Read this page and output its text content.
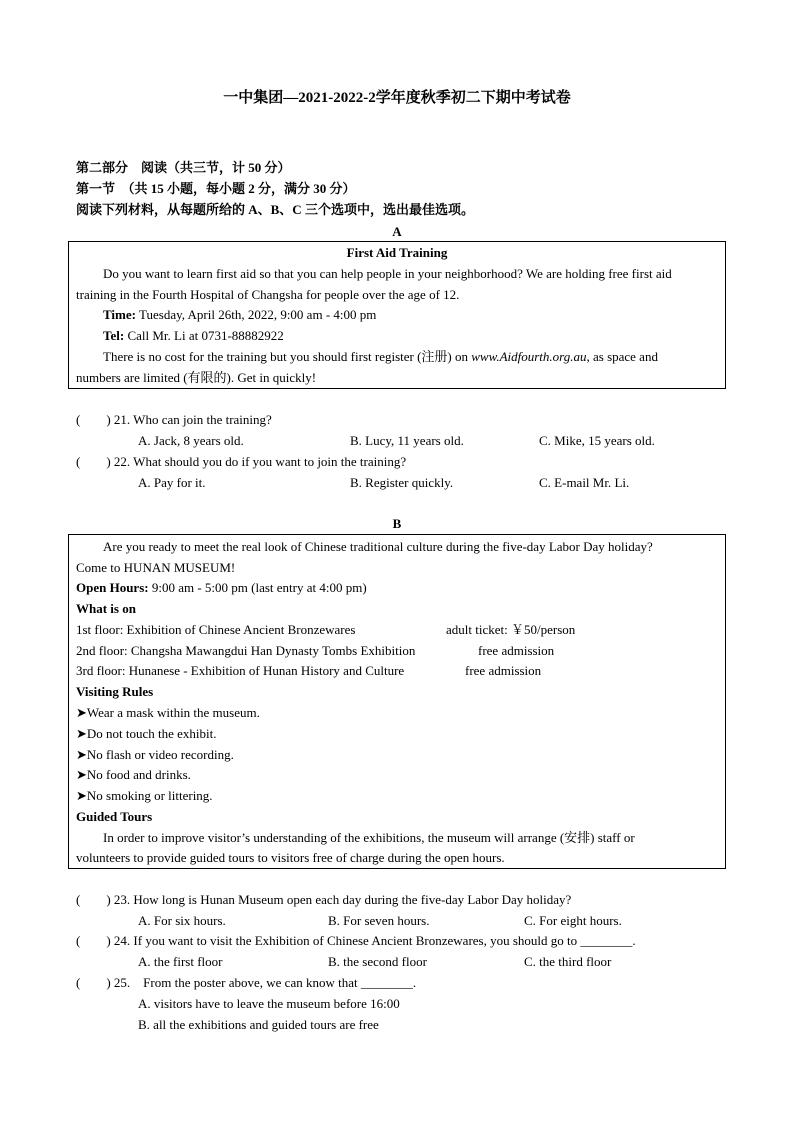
一中集团—2021-2022-2学年度秋季初二下期中考试卷
第二部分　阅读（共三节，计 50 分）
第一节　（共 15 小题，每小题 2 分，满分 30 分）
阅读下列材料，从每题所给的 A、B、C 三个选项中，选出最佳选项。
A
First Aid Training
Do you want to learn first aid so that you can help people in your neighborhood? We are holding free first aid
training in the Fourth Hospital of Changsha for people over the age of 12.
Time: Tuesday, April 26th, 2022, 9:00 am - 4:00 pm
Tel: Call Mr. Li at 0731-88882922
There is no cost for the training but you should first register (注册) on www.Aidfourth.org.au, as space and
numbers are limited (有限的). Get in quickly!
(　　) 21. Who can join the training?
A. Jack, 8 years old.	B. Lucy, 11 years old.	C. Mike, 15 years old.
(　　) 22. What should you do if you want to join the training?
A. Pay for it.	B. Register quickly.	C. E-mail Mr. Li.
B
Are you ready to meet the real look of Chinese traditional culture during the five-day Labor Day holiday?
Come to HUNAN MUSEUM!
Open Hours: 9:00 am - 5:00 pm (last entry at 4:00 pm)
What is on
1st floor: Exhibition of Chinese Ancient Bronzewares	adult ticket: ￥50/person
2nd floor: Changsha Mawangdui Han Dynasty Tombs Exhibition	free admission
3rd floor: Hunanese - Exhibition of Hunan History and Culture	free admission
Visiting Rules
➤Wear a mask within the museum.
➤Do not touch the exhibit.
➤No flash or video recording.
➤No food and drinks.
➤No smoking or littering.
Guided Tours
In order to improve visitor’s understanding of the exhibitions, the museum will arrange (安排) staff or
volunteers to provide guided tours to visitors free of charge during the open hours.
(　　) 23. How long is Hunan Museum open each day during the five-day Labor Day holiday?
A. For six hours.	B. For seven hours.	C. For eight hours.
(　　) 24. If you want to visit the Exhibition of Chinese Ancient Bronzewares, you should go to ________.
A. the first floor	B. the second floor	C. the third floor
(　　) 25.　From the poster above, we can know that ________.
A. visitors have to leave the museum before 16:00
B. all the exhibitions and guided tours are free
